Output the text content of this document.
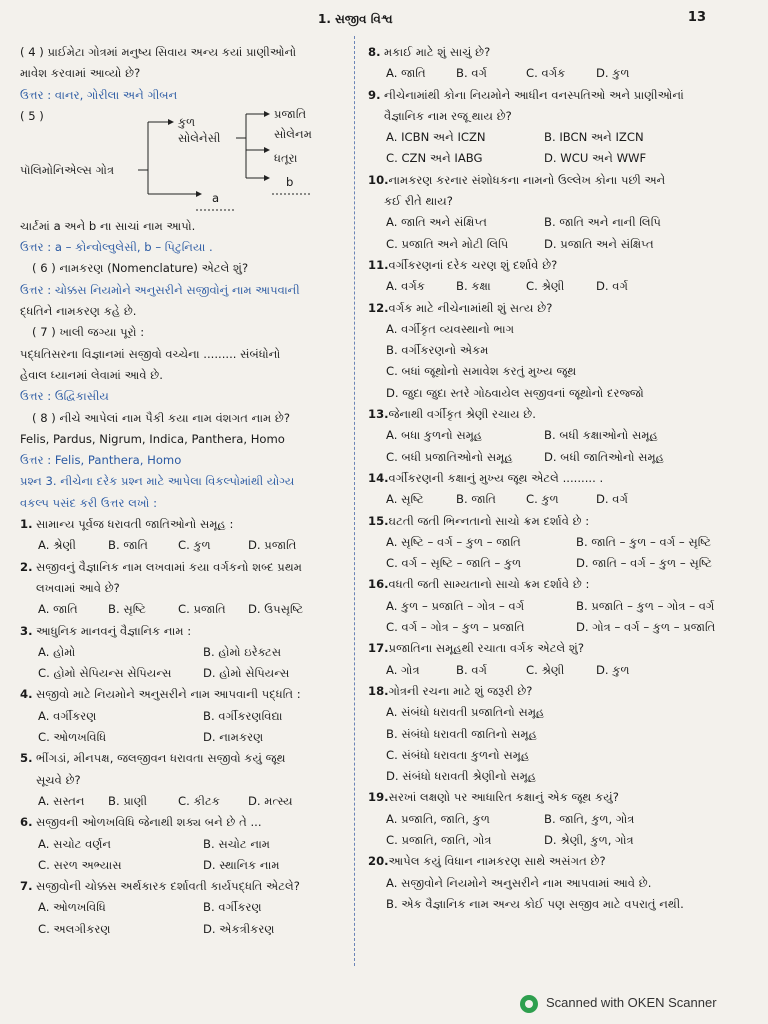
1. સજીવ વિશ્વ	13

( 4 ) પ્રાઈમેટા ગોત્રમાં મનુષ્ય સિવાય અન્ય કયાં પ્રાણીઓનો

માવેશ કરવામાં આવ્યો છે?

ઉત્તર : વાનર, ગોરીલા અને ગીબન

( 5 )
પૉલિમોનિએલ્સ ગોત્ર
કુળ
સોલેનેસી
પ્રજાતિ
સોલેનમ
ધતૂરા
a
b

ચાર્ટમાં a અને b ના સાચાં નામ આપો.

ઉત્તર : a – કોન્વોલ્વુલેસી, b – પિટુનિયા .

( 6 ) નામકરણ (Nomenclature) એટલે શું?

ઉત્તર : ચોક્કસ નિયમોને અનુસરીને સજીવોનું નામ આપવાની

દ્ધતિને નામકરણ કહે છે.

( 7 ) ખાલી જગ્યા પૂરો :

પદ્ધતિસરના વિજ્ઞાનમાં સજીવો વચ્ચેના ......... સંબંધોનો

હેવાલ ધ્યાનમાં લેવામાં આવે છે.

ઉત્તર : ઉદ્વિકાસીય

( 8 ) નીચે આપેલાં નામ પૈકી કયા નામ વંશગત નામ છે?

Felis, Pardus, Nigrum, Indica, Panthera, Homo

ઉત્તર : Felis, Panthera, Homo

પ્રશ્ન 3. નીચેના દરેક પ્રશ્ન માટે આપેલા વિકલ્પોમાંથી યોગ્ય

વકલ્પ પસંદ કરી ઉત્તર લખો :

1. સામાન્ય પૂર્વજ ધરાવતી જાતિઓનો સમૂહ :
A. શ્રેણી	B. જાતિ	C. કુળ	D. પ્રજાતિ
2. સજીવનું વૈજ્ઞાનિક નામ લખવામાં કયા વર્ગકનો શબ્દ પ્રથમ
લખવામાં આવે છે?
A. જાતિ	B. સૃષ્ટિ	C. પ્રજાતિ	D. ઉપસૃષ્ટિ
3. આધુનિક માનવનું વૈજ્ઞાનિક નામ :
A. હોમો	B. હોમો ઇરેક્ટસ
C. હોમો સેપિયન્સ સેપિયન્સ	D. હોમો સેપિયન્સ
4. સજીવો માટે નિયમોને અનુસરીને નામ આપવાની પદ્ધતિ :
A. વર્ગીકરણ	B. વર્ગીકરણવિદ્યા
C. ઓળખવિધિ	D. નામકરણ
5. ભીંગડાં, મીનપક્ષ, જલજીવન ધરાવતા સજીવો કયું જૂથ
સૂચવે છે?
A. સસ્તન	B. પ્રાણી	C. કીટક	D. મત્સ્ય
6. સજીવની ઓળખવિધિ જેનાથી શક્ય બને છે તે ...
A. સચોટ વર્ણન	B. સચોટ નામ
C. સરળ અભ્યાસ	D. સ્થાનિક નામ
7. સજીવોની ચોક્કસ અર્થકારક દર્શાવતી કાર્યપદ્ધતિ એટલે?
A. ઓળખવિધિ	B. વર્ગીકરણ
C. અલગીકરણ	D. એકત્રીકરણ
8. મકાઈ માટે શું સાચું છે?
A. જાતિ	B. વર્ગ	C. વર્ગક	D. કુળ
9. નીચેનામાંથી કોના નિયમોને આધીન વનસ્પતિઓ અને પ્રાણીઓનાં
વૈજ્ઞાનિક નામ રજૂ થાય છે?
A. ICBN અને ICZN	B. IBCN અને IZCN
C. CZN અને IABG	D. WCU અને WWF
10. નામકરણ કરનાર સંશોધકના નામનો ઉલ્લેખ કોના પછી અને
કઈ રીતે થાય?
A. જાતિ અને સંક્ષિપ્ત	B. જાતિ અને નાની લિપિ
C. પ્રજાતિ અને મોટી લિપિ	D. પ્રજાતિ અને સંક્ષિપ્ત
11. વર્ગીકરણનાં દરેક ચરણ શું દર્શાવે છે?
A. વર્ગક	B. કક્ષા	C. શ્રેણી	D. વર્ગ
12. વર્ગક માટે નીચેનામાંથી શું સત્ય છે?
A. વર્ગીકૃત વ્યવસ્થાનો ભાગ
B. વર્ગીકરણનો એકમ
C. બધાં જૂથોનો સમાવેશ કરતું મુખ્ય જૂથ
D. જુદા જુદા સ્તરે ગોઠવાયેલ સજીવનાં જૂથોનો દરજ્જો
13. જેનાથી વર્ગીકૃત શ્રેણી રચાય છે.
A. બધા કુળનો સમૂહ	B. બધી કક્ષાઓનો સમૂહ
C. બધી પ્રજાતિઓનો સમૂહ	D. બધી જાતિઓનો સમૂહ
14. વર્ગીકરણની કક્ષાનું મુખ્ય જૂથ એટલે ......... .
A. સૃષ્ટિ	B. જાતિ	C. કુળ	D. વર્ગ
15. ઘટતી જતી ભિન્નતાનો સાચો ક્રમ દર્શાવે છે :
A. સૃષ્ટિ – વર્ગ – કુળ – જાતિ	B. જાતિ – કુળ – વર્ગ – સૃષ્ટિ
C. વર્ગ – સૃષ્ટિ – જાતિ – કુળ	D. જાતિ – વર્ગ – કુળ – સૃષ્ટિ
16. વધતી જતી સામ્યતાનો સાચો ક્રમ દર્શાવે છે :
A. કુળ – પ્રજાતિ – ગોત્ર – વર્ગ	B. પ્રજાતિ – કુળ – ગોત્ર – વર્ગ
C. વર્ગ – ગોત્ર – કુળ – પ્રજાતિ	D. ગોત્ર – વર્ગ – કુળ – પ્રજાતિ
17. પ્રજાતિના સમૂહથી રચાતા વર્ગક એટલે શું?
A. ગોત્ર	B. વર્ગ	C. શ્રેણી	D. કુળ
18. ગોત્રની રચના માટે શું જરૂરી છે?
A. સંબંધો ધરાવતી પ્રજાતિનો સમૂહ
B. સંબંધો ધરાવતી જાતિનો સમૂહ
C. સંબંધો ધરાવતા કુળનો સમૂહ
D. સંબંધો ધરાવતી શ્રેણીનો સમૂહ
19. સરખાં લક્ષણો પર આધારિત કક્ષાનું એક જૂથ કયું?
A. પ્રજાતિ, જાતિ, કુળ	B. જાતિ, કુળ, ગોત્ર
C. પ્રજાતિ, જાતિ, ગોત્ર	D. શ્રેણી, કુળ, ગોત્ર
20. આપેલ કયું વિધાન નામકરણ સાથે અસંગત છે?
A. સજીવોને નિયમોને અનુસરીને નામ આપવામાં આવે છે.
B. એક વૈજ્ઞાનિક નામ અન્ય કોઈ પણ સજીવ માટે વપરાતું નથી.
Scanned with OKEN Scanner
